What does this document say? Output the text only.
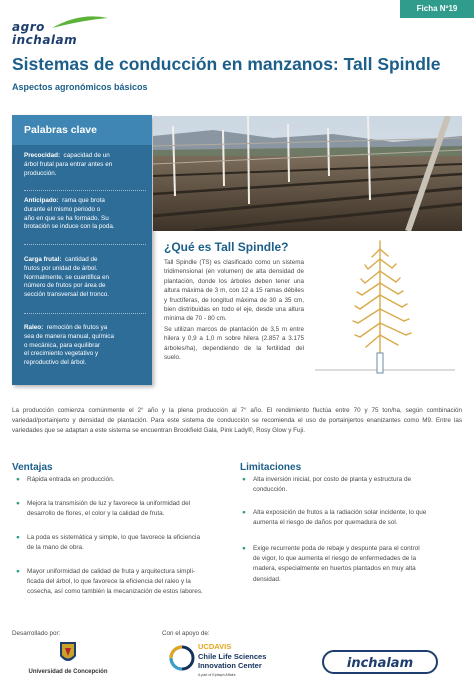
agro
inchalam
Ficha Nº19
Sistemas de conducción en manzanos: Tall Spindle
Aspectos agronómicos básicos
Palabras clave
Precocidad: capacidad de un
árbol frutal para entrar antes en
producción.
Anticipado: rama que brota
durante el mismo periodo o
año en que se ha formado. Su
brotación se induce con la poda.
Carga frutal: cantidad de
frutos por unidad de árbol.
Normalmente, se cuantifica en
número de frutos por área de
sección transversal del tronco.
Raleo: remoción de frutos ya
sea de manera manual, química
o mecánica, para equilibrar
el crecimiento vegetativo y
reproductivo del árbol.
¿Qué es Tall Spindle?

Tall Spindle (TS) es clasificado como un sistema tridimensional (en volumen) de alta densidad de plantación, donde los árboles deben tener una altura máxima de 3 m, con 12 a 15 ramas débiles y fructíferas, de longitud máxima de 30 a 35 cm, bien distribuidas en todo el eje, desde una altura mínima de 70 - 80 cm.

Se utilizan marcos de plantación de 3,5 m entre hilera y 0,9 a 1,0 m sobre hilera (2.857 a 3.175 árboles/ha), dependiendo de la fertilidad del suelo.

La producción comienza comúnmente el 2° año y la plena producción al 7° año. El rendimiento fluctúa entre 70 y 75 ton/ha, según combinación variedad/portainjerto y densidad de plantación. Para este sistema de conducción se recomienda el uso de portainjertos enanizantes como M9. Entre las variedades que se adaptan a este sistema se encuentran Brookfield Gala, Pink Lady®, Rosy Glow y Fuji.
Ventajas
● Rápida entrada en producción.
● Mejora la transmisión de luz y favorece la uniformidad del
desarrollo de flores, el color y la calidad de fruta.
● La poda es sistemática y simple, lo que favorece la eficiencia
de la mano de obra.
● Mayor uniformidad de calidad de fruta y arquitectura simpli-
ficada del árbol, lo que favorece la eficiencia del raleo y la
cosecha, así como también la mecanización de estos labores.
Limitaciones
● Alta inversión inicial, por costo de planta y estructura de
conducción.
● Alta exposición de frutos a la radiación solar incidente, lo que
aumenta el riesgo de daños por quemadura de sol.
● Exige recurrente poda de rebaje y despunte para el control
de vigor, lo que aumenta el riesgo de enfermedades de la
madera, especialmente en huertos plantados en muy alta
densidad.
Desarrollado por:	Con el apoyo de:
Universidad de Concepción
UCDAVIS
Chile Life Sciences
Innovation Center
A part of Epitaph Affairs
inchalam
